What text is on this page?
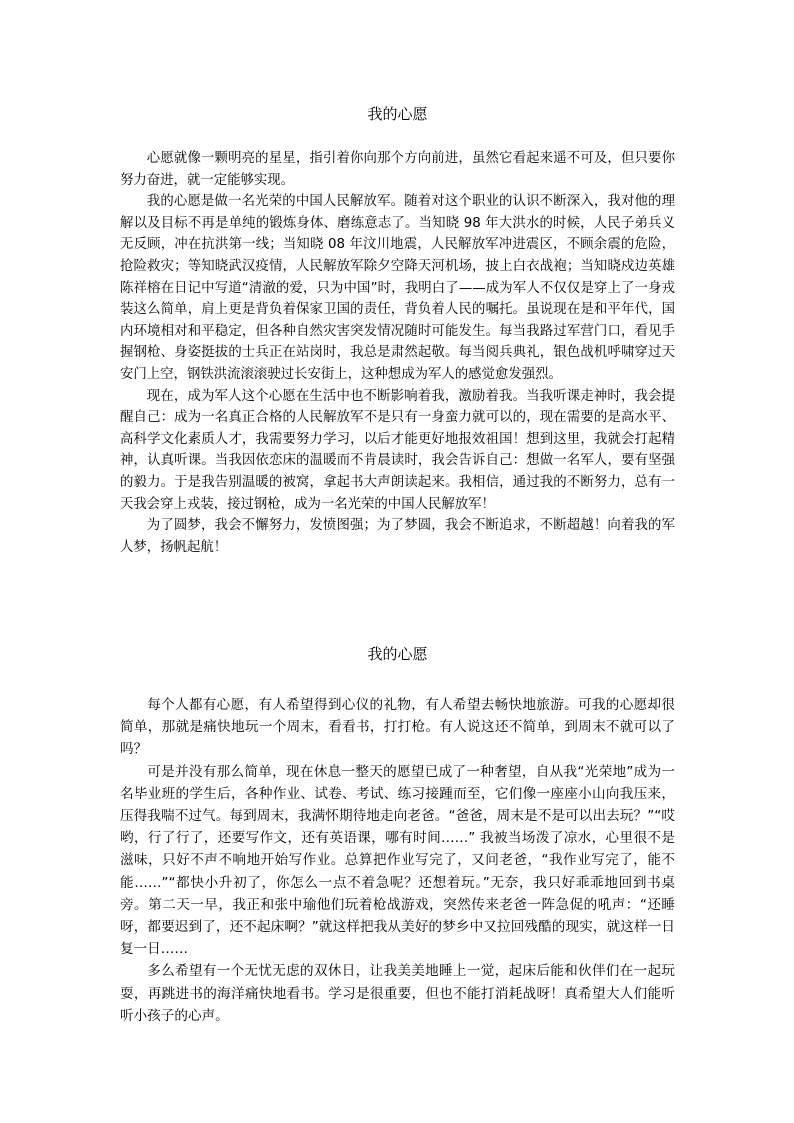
我的心愿

心愿就像一颗明亮的星星，指引着你向那个方向前进，虽然它看起来遥不可及，但只要你努力奋进，就一定能够实现。

我的心愿是做一名光荣的中国人民解放军。随着对这个职业的认识不断深入，我对他的理解以及目标不再是单纯的锻炼身体、磨练意志了。当知晓 98 年大洪水的时候，人民子弟兵义无反顾，冲在抗洪第一线；当知晓 08 年汶川地震，人民解放军冲进震区，不顾余震的危险，抢险救灾；等知晓武汉疫情，人民解放军除夕空降天河机场，披上白衣战袍；当知晓戍边英雄陈祥榕在日记中写道“清澈的爱，只为中国”时，我明白了——成为军人不仅仅是穿上了一身戎装这么简单，肩上更是背负着保家卫国的责任，背负着人民的嘱托。虽说现在是和平年代，国内环境相对和平稳定，但各种自然灾害突发情况随时可能发生。每当我路过军营门口，看见手握钢枪、身姿挺拔的士兵正在站岗时，我总是肃然起敬。每当阅兵典礼，银色战机呼啸穿过天安门上空，钢铁洪流滚滚驶过长安街上，这种想成为军人的感觉愈发强烈。

现在，成为军人这个心愿在生活中也不断影响着我，激励着我。当我听课走神时，我会提醒自己：成为一名真正合格的人民解放军不是只有一身蛮力就可以的，现在需要的是高水平、高科学文化素质人才，我需要努力学习，以后才能更好地报效祖国！想到这里，我就会打起精神，认真听课。当我因依恋床的温暖而不肯晨读时，我会告诉自己：想做一名军人，要有坚强的毅力。于是我告别温暖的被窝，拿起书大声朗读起来。我相信，通过我的不断努力，总有一天我会穿上戎装，接过钢枪，成为一名光荣的中国人民解放军！

为了圆梦，我会不懈努力，发愤图强；为了梦圆，我会不断追求，不断超越！向着我的军人梦，扬帆起航！

我的心愿

每个人都有心愿，有人希望得到心仪的礼物，有人希望去畅快地旅游。可我的心愿却很简单，那就是痛快地玩一个周末，看看书，打打枪。有人说这还不简单，到周末不就可以了吗？

可是并没有那么简单，现在休息一整天的愿望已成了一种奢望，自从我“光荣地”成为一名毕业班的学生后，各种作业、试卷、考试、练习接踵而至，它们像一座座小山向我压来，压得我喘不过气。每到周末，我满怀期待地走向老爸。“爸爸，周末是不是可以出去玩？”“哎哟，行了行了，还要写作文，还有英语课，哪有时间……” 我被当场泼了凉水，心里很不是滋味，只好不声不响地开始写作业。总算把作业写完了，又问老爸，“我作业写完了，能不能……”“都快小升初了，你怎么一点不着急呢？还想着玩。”无奈，我只好乖乖地回到书桌旁。第二天一早，我正和张中瑜他们玩着枪战游戏，突然传来老爸一阵急促的吼声：“还睡呀，都要迟到了，还不起床啊？”就这样把我从美好的梦乡中又拉回残酷的现实，就这样一日复一日……

多么希望有一个无忧无虑的双休日，让我美美地睡上一觉，起床后能和伙伴们在一起玩耍，再跳进书的海洋痛快地看书。学习是很重要，但也不能打消耗战呀！真希望大人们能听听小孩子的心声。
